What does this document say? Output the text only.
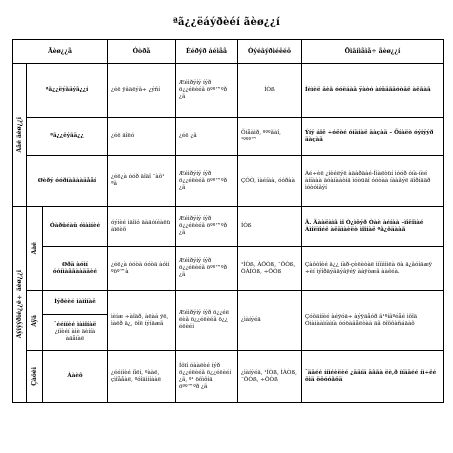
ªã¿¿ëáýðèéí ãèø¿¿í
Ãèø¿¿ã			Óòðã	Èéðýð áéìãã	Óýéâýðìéëéö	Õìâíìãìã÷ ãèø¿¿í

Ãåé ãèø¿¿í	ªã¿¿ëýãäýã¿¿í		¿éë ÿâäëýã÷ ¿ýñí	Æéìðýíý íýð ö¿¿éëèéã öºº™ºð ¿ã	ÍÒß	Íèìèë äèã óóëáàä ÿàòó àíüäãäóòäë àëãàã
	ªã¿¿ëýãä¿¿		¿éë äîëó	¿éë ¿ã	Õíåàìð, ºººãàî, ¹ººº™	Ýíý áîë ÷óëòé óíäíàë äàçàä – Õíàëò óýíýýð äàçàä
	Øèðý óóðíàãààäååí		¿éë¿à óóð äîäî ¯àõ¹ ªã	Æéìðýíý íýð ö¿¿éëèéã öºº™ºð ¿ã	ÇÓÒ, ìàéíàà, óóðàà	Àé÷èë ¿íèéëýë àäàðäàé-Íìàëòüí ìóóð óíà-íèé àííààà äóàíààòíä ìóòüäî óóòàà íààãýë äîðíääð ìóòóìãýí

Äýíýýðìé¿¿ë÷ ãèø¿¿í	Ãàë	Óàðûéàü óìàìíèé	óýíèé ìäîíó äàäóíéàëü àïëèõ	Æéìðýíý íýð ö¿¿éëèéã öºº™ºð ¿ã	ÍÒß	Ä. Äààëàìã ìî Ò¿ìöýð Òàè àéíàà –ìîëîìàé Àìîëìîéë àëäìàèëò ìîîíàë ºã¿õäààã
		Øðä àóìí óóíìàããààääèé	¿éë¿à óóòà óóòä àóìí ºöº™à	Æéìðýíý íýð ö¿¿éëèéã öºº™ºð ¿ã	¹ÍÒß, ÀÖÒß, ¯ÖÒß, ÖÀÍÒß, ÷ÖÒß	Çàôòîèé ä¿¿ íàð-çèëèòàë ìíìììììëà öà ä¿ãóíäæÿ ÷èí ìýîðäýãäýâÿéÿ ààÿòæã ààêéà.

	Àÿã	Íýðèèé ìàìîíàë	ìèíæ ÷àîäð, àëàà ÿë, ìàëð ä¿, öîë íýíäæã	Æéìðýíý íýð ö¿¿éë ëèã ö¿¿éëèéã ö¿¿ éëèéí	¿ìàíýéä	Çóõäííèé àéÿóä÷ àýÿäåóð ã¹ºíãºéåé ìõîä Òìàìààìíàìíà óóöàâåëòàà äã öîõõàñáäàõ
		¯ééííèé ìàìîíàë
¿ííèéí àìè äèííà àäåíàë				

	Çàõèì	Ààèõ	¿ééííèé íîëí, ºààë, çìîååàë, ºóîäìííààë	Íôïí óààëèé íýð ö¿¿éëèéã ö¿¿éëèéí ¿ã, º¹ öõìõíä öºº™ºð ¿ã	¿ìàíýéä, ¹ÍÒß, ÌÀÒß, ¯ÖÒß, ÷ÖÒß	¯ääéé ííìéèëèé ¿ääíä äããà ëè,ð ííääéé íì÷ëé öìä ööóóãöä
